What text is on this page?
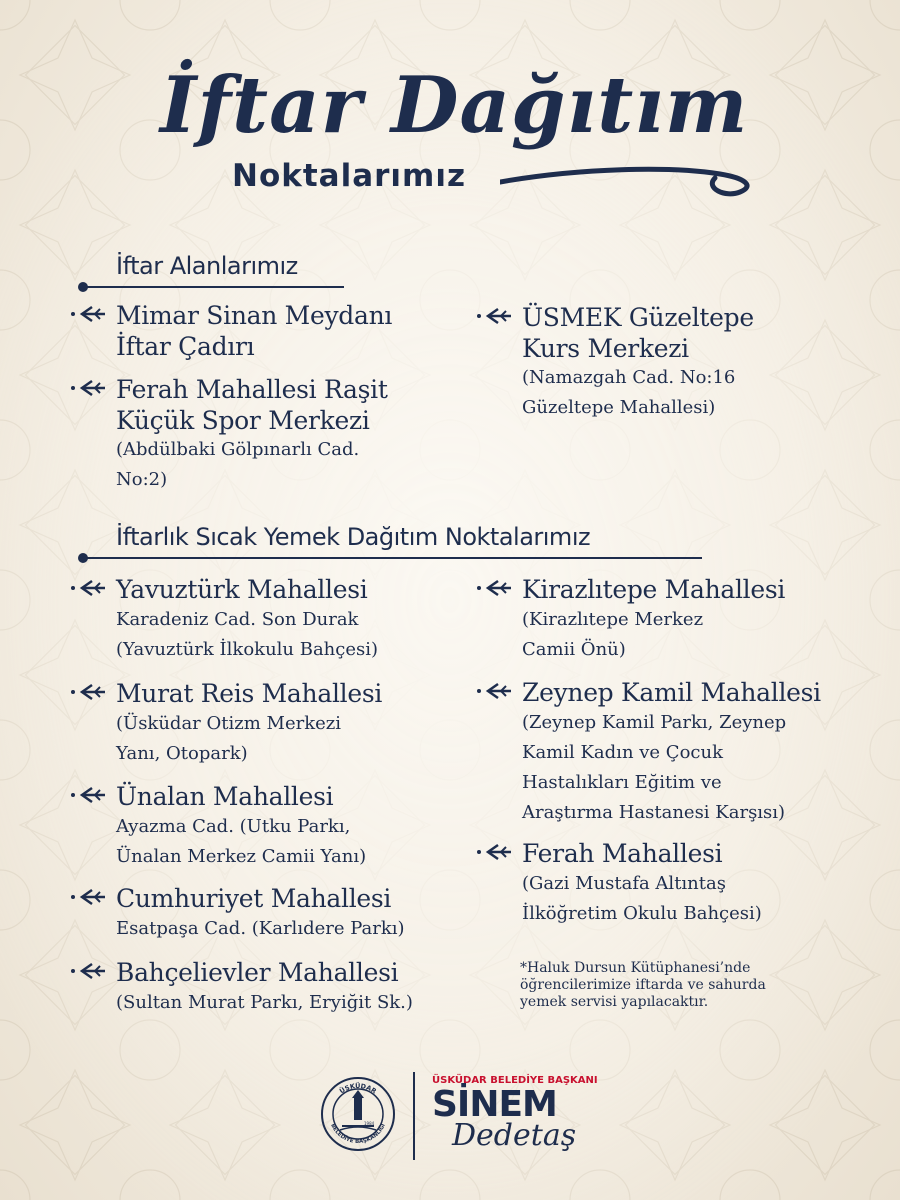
İftar Dağıtım
Noktalarımız
İftar Alanlarımız
Mimar Sinan Meydanı
İftar Çadırı
Ferah Mahallesi Raşit
Küçük Spor Merkezi
(Abdülbaki Gölpınarlı Cad.
No:2)
ÜSMEK Güzeltepe
Kurs Merkezi
(Namazgah Cad. No:16
Güzeltepe Mahallesi)
İftarlık Sıcak Yemek Dağıtım Noktalarımız
Yavuztürk Mahallesi
Karadeniz Cad. Son Durak
(Yavuztürk İlkokulu Bahçesi)
Murat Reis Mahallesi
(Üsküdar Otizm Merkezi
Yanı, Otopark)
Ünalan Mahallesi
Ayazma Cad. (Utku Parkı,
Ünalan Merkez Camii Yanı)
Cumhuriyet Mahallesi
Esatpaşa Cad. (Karlıdere Parkı)
Bahçelievler Mahallesi
(Sultan Murat Parkı, Eryiğit Sk.)
Kirazlıtepe Mahallesi
(Kirazlıtepe Merkez
Camii Önü)
Zeynep Kamil Mahallesi
(Zeynep Kamil Parkı, Zeynep
Kamil Kadın ve Çocuk
Hastalıkları Eğitim ve
Araştırma Hastanesi Karşısı)
Ferah Mahallesi
(Gazi Mustafa Altıntaş
İlköğretim Okulu Bahçesi)
*Haluk Dursun Kütüphanesi’nde
öğrencilerimize iftarda ve sahurda
yemek servisi yapılacaktır.
ÜSKÜDAR
BELEDİYE BAŞKANLIĞI
1984
ÜSKÜDAR BELEDİYE BAŞKANI
SİNEM
Dedetaş
